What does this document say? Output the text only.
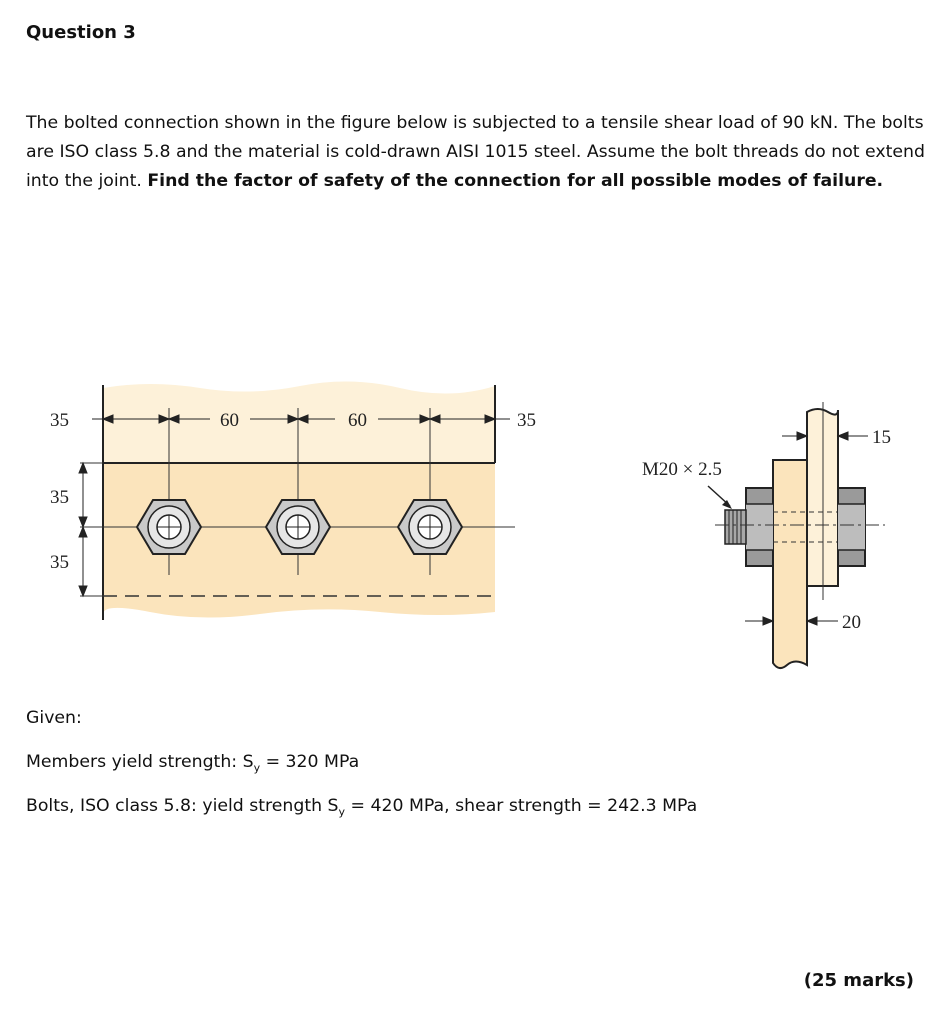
Question 3
The bolted connection shown in the figure below is subjected to a tensile shear load of 90 kN. The bolts are ISO class 5.8 and the material is cold-drawn AISI 1015 steel. Assume the bolt threads do not extend into the joint. Find the factor of safety of the connection for all possible modes of failure.
35	60	60	35
35
35
M20 × 2.5
15
20
Given:
Members yield strength: $S_y = 320$ MPa
Bolts, ISO class 5.8: yield strength $S_y = 420$ MPa, shear strength = 242.3 MPa
(25 marks)
